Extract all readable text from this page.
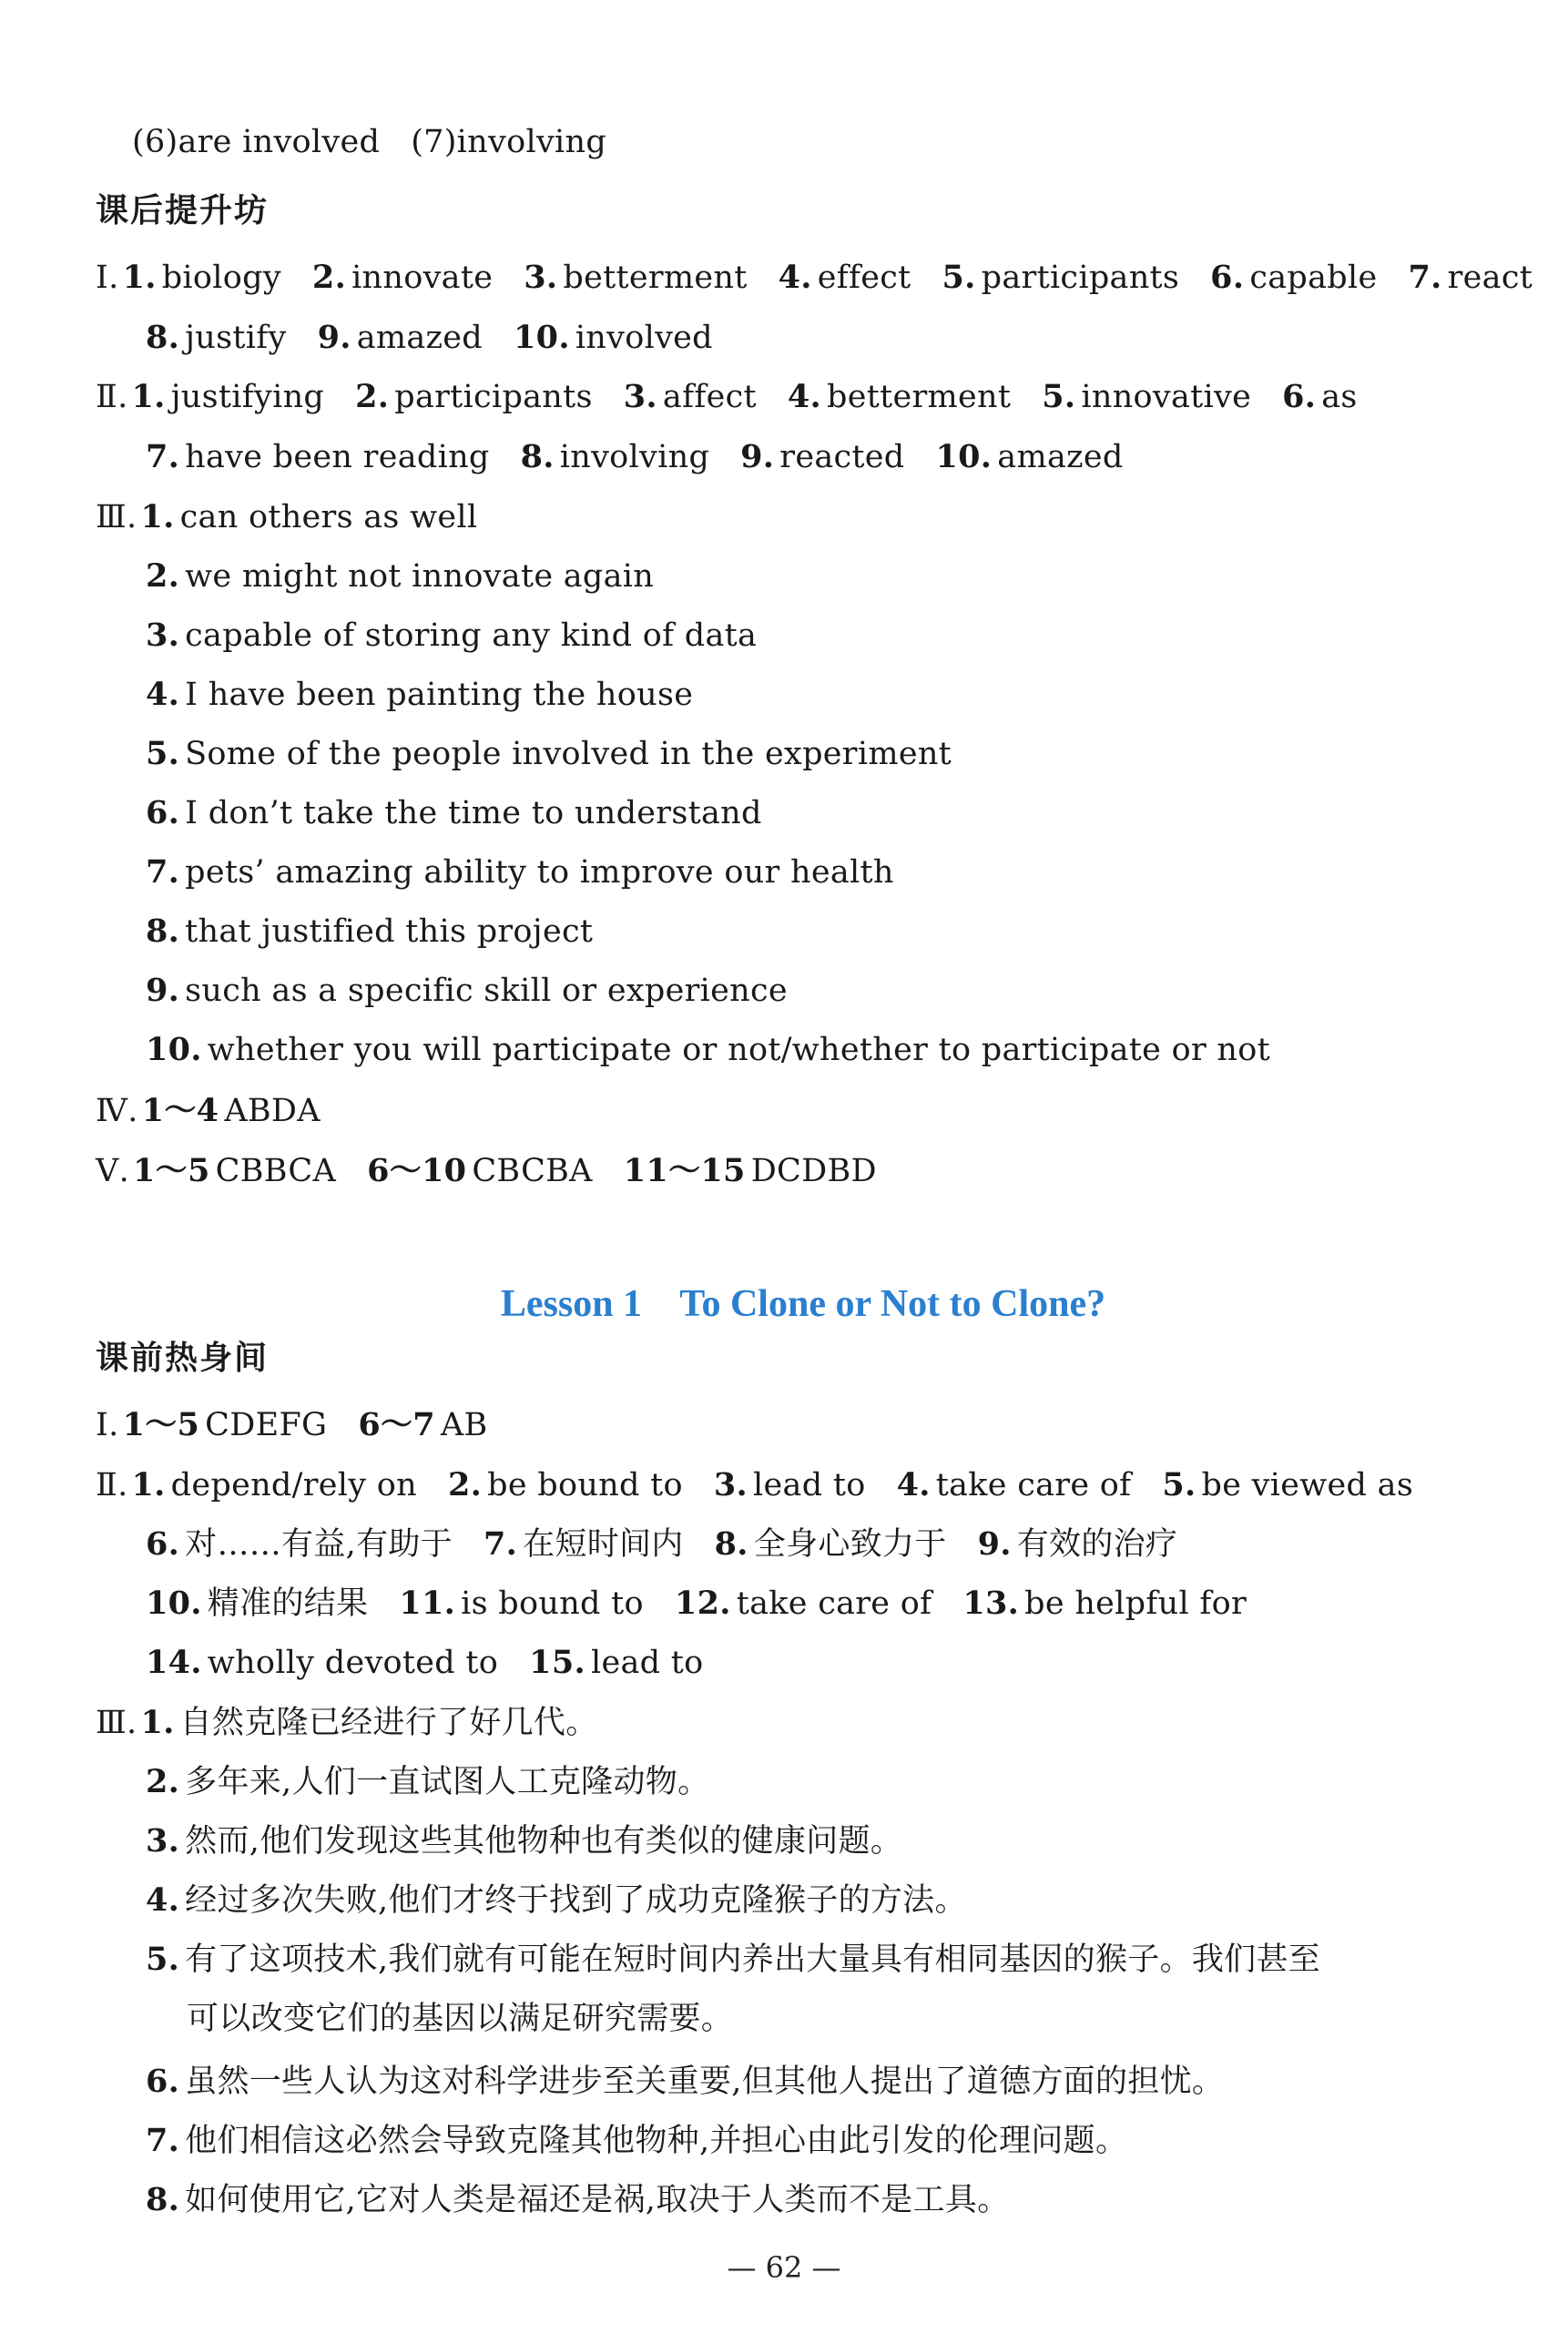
(6)are involved (7)involving
课后提升坊
Ⅰ. 1. biology 2. innovate 3. betterment 4. effect 5. participants 6. capable 7. react
8. justify 9. amazed 10. involved
Ⅱ. 1. justifying 2. participants 3. affect 4. betterment 5. innovative 6. as
7. have been reading 8. involving 9. reacted 10. amazed
Ⅲ. 1. can others as well
2. we might not innovate again
3. capable of storing any kind of data
4. I have been painting the house
5. Some of the people involved in the experiment
6. I don’t take the time to understand
7. pets’ amazing ability to improve our health
8. that justified this project
9. such as a specific skill or experience
10. whether you will participate or not/whether to participate or not
Ⅳ. 1～4 ABDA
Ⅴ. 1～5 CBBCA 6～10 CBCBA 11～15 DCDBD

Lesson 1 To Clone or Not to Clone?

课前热身间
Ⅰ. 1～5 CDEFG 6～7 AB
Ⅱ. 1. depend/rely on 2. be bound to 3. lead to 4. take care of 5. be viewed as
6. 对……有益,有助于 7. 在短时间内 8. 全身心致力于 9. 有效的治疗
10. 精准的结果 11. is bound to 12. take care of 13. be helpful for
14. wholly devoted to 15. lead to
Ⅲ. 1. 自然克隆已经进行了好几代。
2. 多年来,人们一直试图人工克隆动物。
3. 然而,他们发现这些其他物种也有类似的健康问题。
4. 经过多次失败,他们才终于找到了成功克隆猴子的方法。
5. 有了这项技术,我们就有可能在短时间内养出大量具有相同基因的猴子。我们甚至
可以改变它们的基因以满足研究需要。
6. 虽然一些人认为这对科学进步至关重要,但其他人提出了道德方面的担忧。
7. 他们相信这必然会导致克隆其他物种,并担心由此引发的伦理问题。
8. 如何使用它,它对人类是福还是祸,取决于人类而不是工具。
— 62 —
